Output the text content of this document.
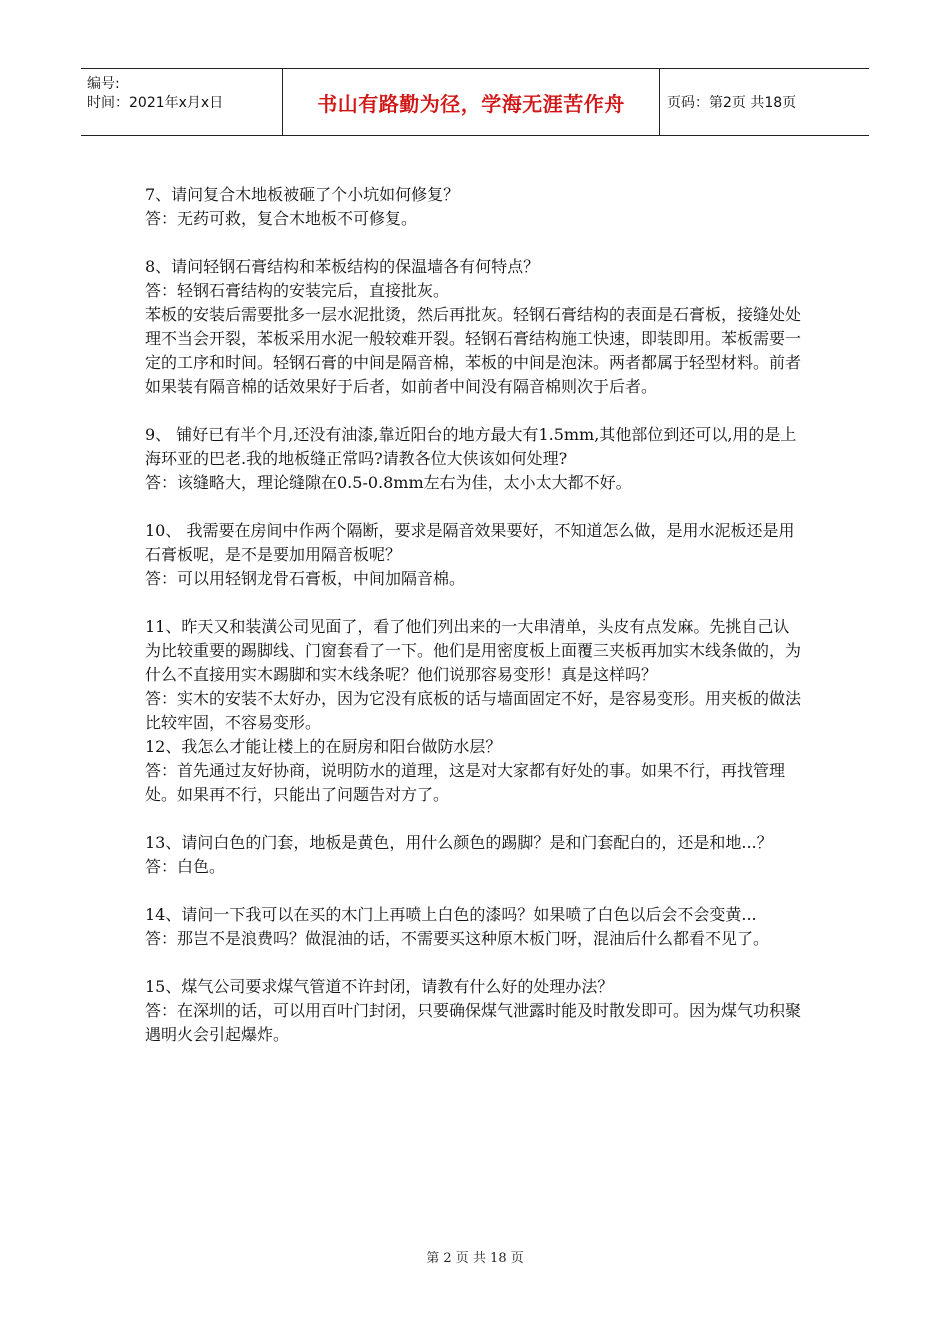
编号:
时间：2021年x月x日	书山有路勤为径，学海无涯苦作舟	页码：第2页 共18页

7、请问复合木地板被砸了个小坑如何修复？

答：无药可救，复合木地板不可修复。

8、请问轻钢石膏结构和苯板结构的保温墙各有何特点？

答：轻钢石膏结构的安装完后，直接批灰。

苯板的安装后需要批多一层水泥批烫，然后再批灰。轻钢石膏结构的表面是石膏板，接缝处处理不当会开裂，苯板采用水泥一般较难开裂。轻钢石膏结构施工快速，即装即用。苯板需要一定的工序和时间。轻钢石膏的中间是隔音棉，苯板的中间是泡沫。两者都属于轻型材料。前者如果装有隔音棉的话效果好于后者，如前者中间没有隔音棉则次于后者。

9、 铺好已有半个月,还没有油漆,靠近阳台的地方最大有1.5mm,其他部位到还可以,用的是上海环亚的巴老.我的地板缝正常吗?请教各位大侠该如何处理?

答：该缝略大，理论缝隙在0.5-0.8mm左右为佳，太小太大都不好。

10、 我需要在房间中作两个隔断，要求是隔音效果要好，不知道怎么做，是用水泥板还是用石膏板呢，是不是要加用隔音板呢？

答：可以用轻钢龙骨石膏板，中间加隔音棉。

11、昨天又和装潢公司见面了，看了他们列出来的一大串清单，头皮有点发麻。先挑自己认为比较重要的踢脚线、门窗套看了一下。他们是用密度板上面覆三夹板再加实木线条做的，为什么不直接用实木踢脚和实木线条呢？他们说那容易变形！真是这样吗？

答：实木的安装不太好办，因为它没有底板的话与墙面固定不好，是容易变形。用夹板的做法比较牢固，不容易变形。

12、我怎么才能让楼上的在厨房和阳台做防水层？

答：首先通过友好协商，说明防水的道理，这是对大家都有好处的事。如果不行，再找管理处。如果再不行，只能出了问题告对方了。

13、请问白色的门套，地板是黄色，用什么颜色的踢脚？是和门套配白的，还是和地...？

答：白色。

14、请问一下我可以在买的木门上再喷上白色的漆吗？如果喷了白色以后会不会变黄...

答：那岂不是浪费吗？做混油的话，不需要买这种原木板门呀，混油后什么都看不见了。

15、煤气公司要求煤气管道不许封闭，请教有什么好的处理办法？

答：在深圳的话，可以用百叶门封闭，只要确保煤气泄露时能及时散发即可。因为煤气功积聚遇明火会引起爆炸。

第 2 页 共 18 页
